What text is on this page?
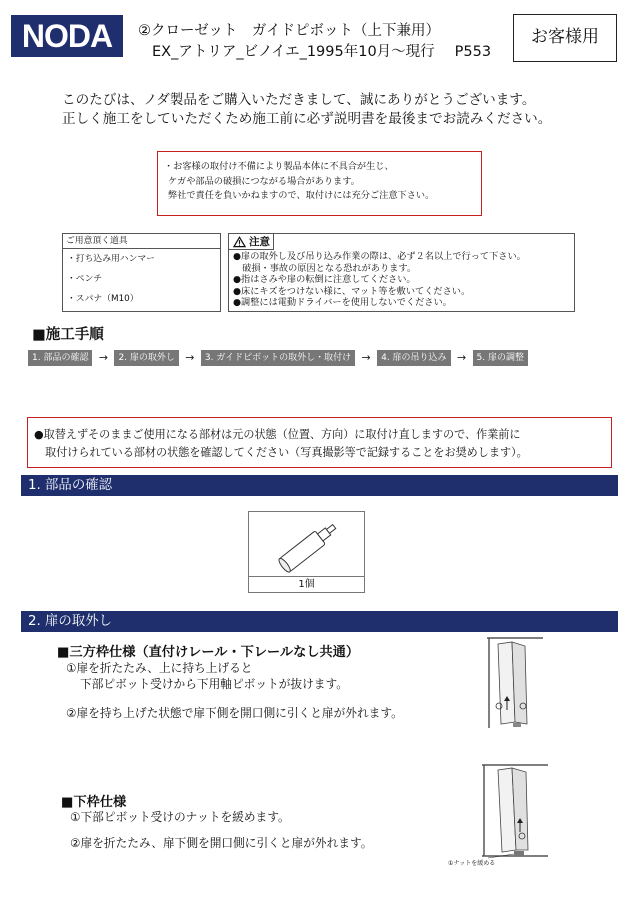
NODA	②クローゼット　ガイドピボット（上下兼用）
EX_アトリア_ビノイエ_1995年10月～現行 P553
お客様用
このたびは、ノダ製品をご購入いただきまして、誠にありがとうございます。
正しく施工をしていただくため施工前に必ず説明書を最後までお読みください。
・お客様の取付け不備により製品本体に不具合が生じ、
ケガや部品の破損につながる場合があります。
弊社で責任を負いかねますので、取付けには充分ご注意下さい。
ご用意頂く道具
・打ち込み用ハンマー
・ペンチ
・スパナ（M10）
注意
●扉の取外し及び吊り込み作業の際は、必ず２名以上で行って下さい。
　破損・事故の原因となる恐れがあります。
●指はさみや扉の転倒に注意してください。
●床にキズをつけない様に、マット等を敷いてください。
●調整には電動ドライバーを使用しないでください。
■施工手順
1. 部品の確認 →	2. 扉の取外し →	3. ガイドピボットの取外し・取付け →	4. 扉の吊り込み →	5. 扉の調整
●取替えずそのままご使用になる部材は元の状態（位置、方向）に取付け直しますので、作業前に
　取付けられている部材の状態を確認してください（写真撮影等で記録することをお奨めします）。
1. 部品の確認
1個
2. 扉の取外し
■三方枠仕様（直付けレール・下レールなし共通）
①扉を折たたみ、上に持ち上げると
下部ピボット受けから下用軸ピボットが抜けます。
②扉を持ち上げた状態で扉下側を開口側に引くと扉が外れます。
■下枠仕様
①下部ピボット受けのナットを緩めます。
②扉を折たたみ、扉下側を開口側に引くと扉が外れます。
①ナットを緩める
